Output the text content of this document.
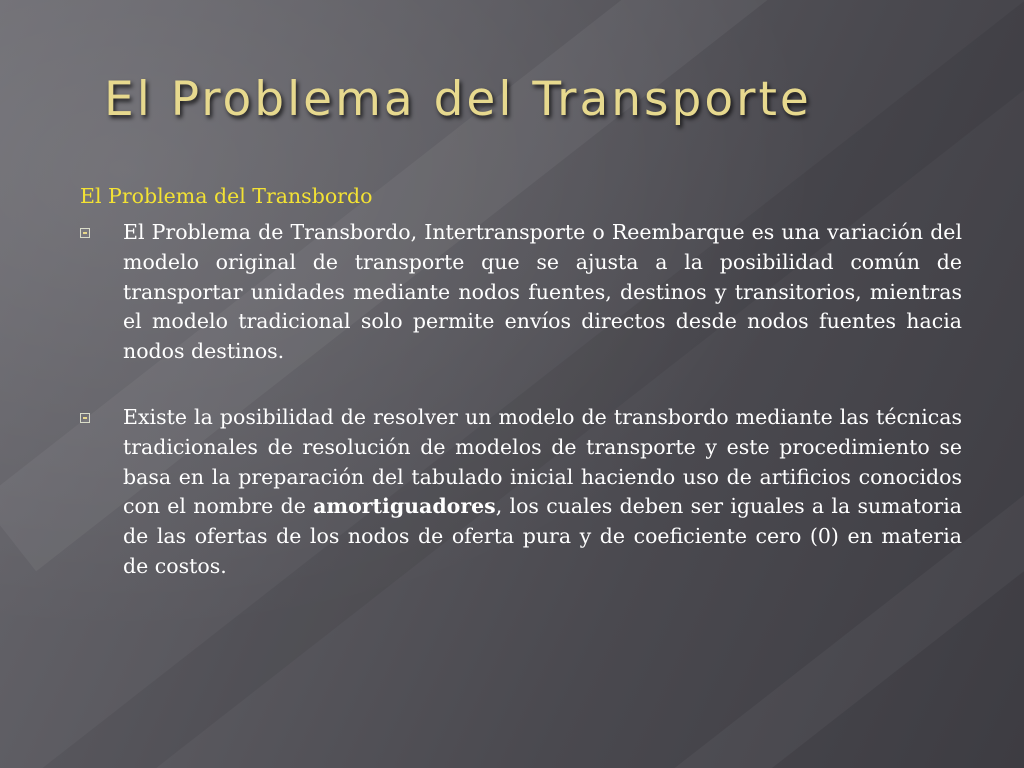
El Problema del Transporte

El Problema del Transbordo

El Problema de Transbordo, Intertransporte o Reembarque es una variación del modelo original de transporte que se ajusta a la posibilidad común de transportar unidades mediante nodos fuentes, destinos y transitorios, mientras el modelo tradicional solo permite envíos directos desde nodos fuentes hacia nodos destinos.
Existe la posibilidad de resolver un modelo de transbordo mediante las técnicas tradicionales de resolución de modelos de transporte y este procedimiento se basa en la preparación del tabulado inicial haciendo uso de artificios conocidos con el nombre de amortiguadores, los cuales deben ser iguales a la sumatoria de las ofertas de los nodos de oferta pura y de coeficiente cero (0) en materia de costos.
